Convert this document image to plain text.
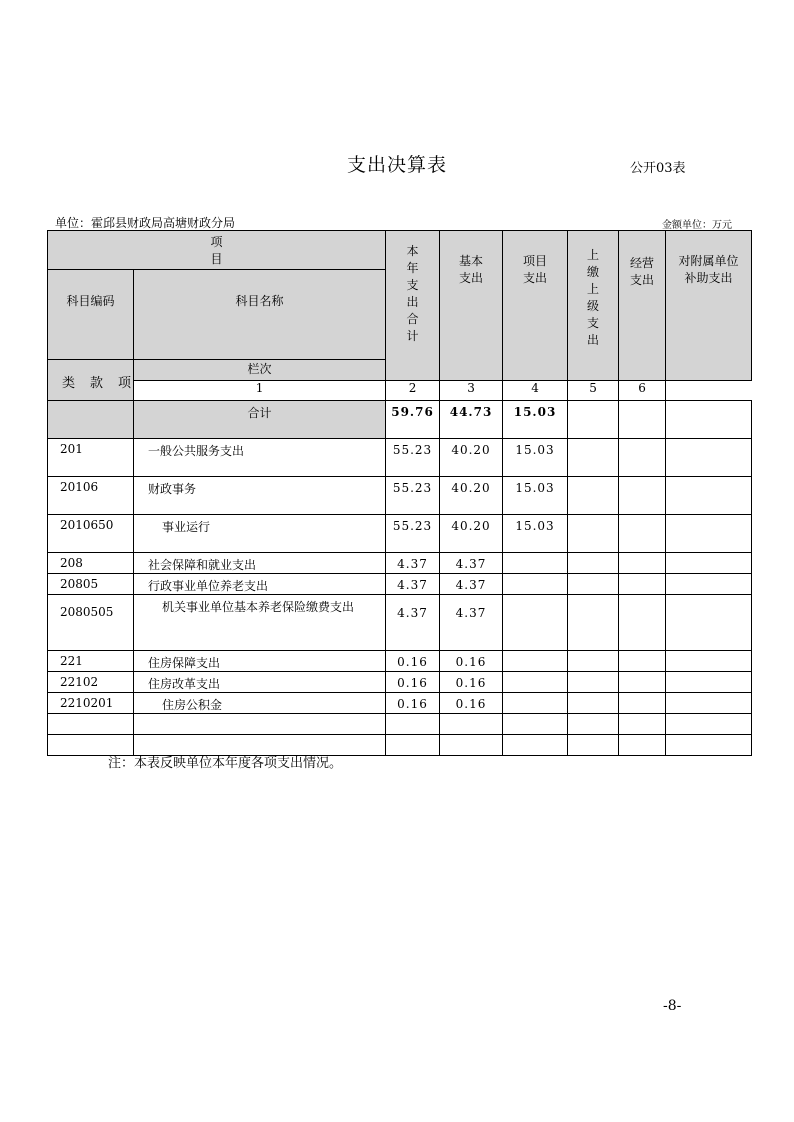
支出决算表	公开03表
单位：霍邱县财政局高塘财政分局	金额单位：万元
项
目		本年支出合计	基本支出	项目支出	上缴上级支出	经营支出	对附属单位补助支出

科目编码	科目名称						

类 款 项	栏次						
	1	2	3	4	5	6	
	合计	59.76	44.73	15.03			
201	一般公共服务支出	55.23	40.20	15.03			
20106	财政事务	55.23	40.20	15.03			
2010650	事业运行	55.23	40.20	15.03			
208	社会保障和就业支出	4.37	4.37				
20805	行政事业单位养老支出	4.37	4.37				
2080505	机关事业单位基本养老保险缴费支出	4.37	4.37				
221	住房保障支出	0.16	0.16				
22102	住房改革支出	0.16	0.16				
2210201	住房公积金	0.16	0.16				

注：本表反映单位本年度各项支出情况。
-8-
